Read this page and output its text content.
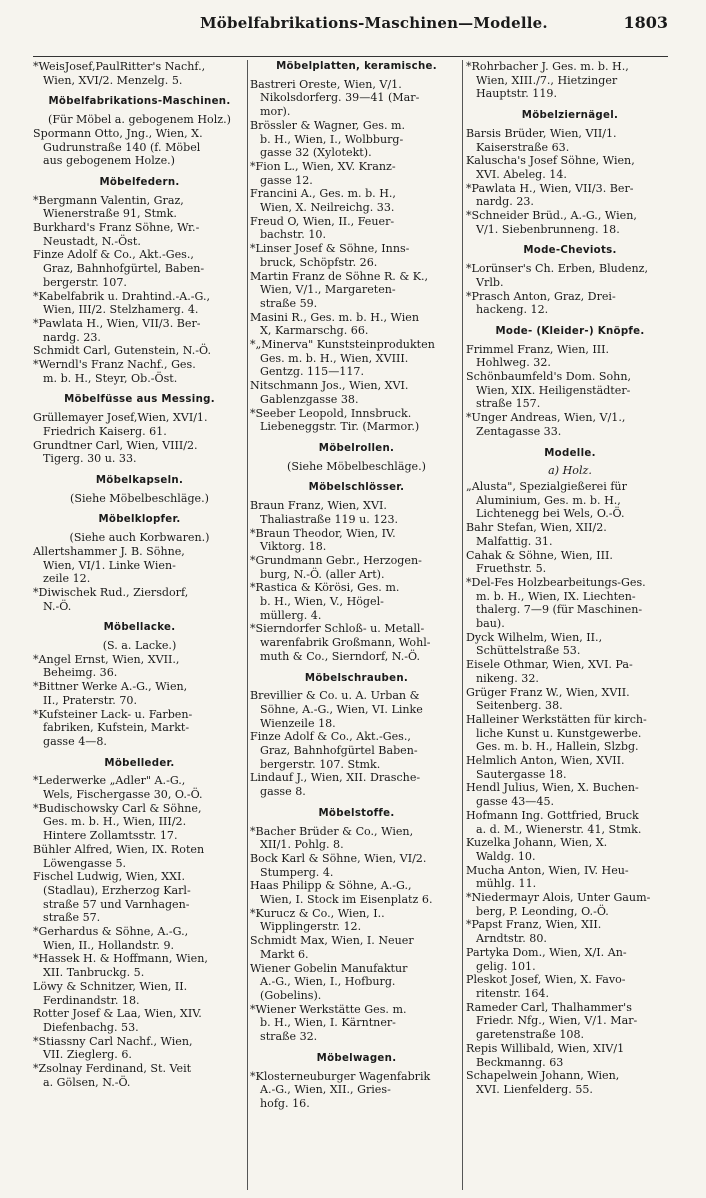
Möbelfabrikations-Maschinen—Modelle.	1803
*WeisJosef,PaulRitter's Nachf.,
Wien, XVI/2. Menzelg. 5.
Möbelfabrikations-Maschinen.
(Für Möbel a. gebogenem Holz.)
Spormann Otto, Jng., Wien, X.
Gudrunstraße 140 (f. Möbel
aus gebogenem Holze.)
Möbelfedern.
*Bergmann Valentin, Graz,
Wienerstraße 91, Stmk.
Burkhard's Franz Söhne, Wr.-
Neustadt, N.-Öst.
Finze Adolf & Co., Akt.-Ges.,
Graz, Bahnhofgürtel, Baben-
bergerstr. 107.
*Kabelfabrik u. Drahtind.-A.-G.,
Wien, III/2. Stelzhamerg. 4.
*Pawlata H., Wien, VII/3. Ber-
nardg. 23.
Schmidt Carl, Gutenstein, N.-Ö.
*Werndl's Franz Nachf., Ges.
m. b. H., Steyr, Ob.-Öst.
Möbelfüsse aus Messing.
Grüllemayer Josef,Wien, XVI/1.
Friedrich Kaiserg. 61.
Grundtner Carl, Wien, VIII/2.
Tigerg. 30 u. 33.
Möbelkapseln.
(Siehe Möbelbeschläge.)
Möbelklopfer.
(Siehe auch Korbwaren.)
Allertshammer J. B. Söhne,
Wien, VI/1. Linke Wien-
zeile 12.
*Diwischek Rud., Ziersdorf,
N.-Ö.
Möbellacke.
(S. a. Lacke.)
*Angel Ernst, Wien, XVII.,
Beheimg. 36.
*Bittner Werke A.-G., Wien,
II., Praterstr. 70.
*Kufsteiner Lack- u. Farben-
fabriken, Kufstein, Markt-
gasse 4—8.
Möbelleder.
*Lederwerke „Adler" A.-G.,
Wels, Fischergasse 30, O.-Ö.
*Budischowsky Carl & Söhne,
Ges. m. b. H., Wien, III/2.
Hintere Zollamtsstr. 17.
Bühler Alfred, Wien, IX. Roten
Löwengasse 5.
Fischel Ludwig, Wien, XXI.
(Stadlau), Erzherzog Karl-
straße 57 und Varnhagen-
straße 57.
*Gerhardus & Söhne, A.-G.,
Wien, II., Hollandstr. 9.
*Hassek H. & Hoffmann, Wien,
XII. Tanbruckg. 5.
Löwy & Schnitzer, Wien, II.
Ferdinandstr. 18.
Rotter Josef & Laa, Wien, XIV.
Diefenbachg. 53.
*Stiassny Carl Nachf., Wien,
VII. Zieglerg. 6.
*Zsolnay Ferdinand, St. Veit
a. Gölsen, N.-Ö.
Möbelplatten, keramische.
Bastreri Oreste, Wien, V/1.
Nikolsdorferg. 39—41 (Mar-
mor).
Brössler & Wagner, Ges. m.
b. H., Wien, I., Wolbburg-
gasse 32 (Xylotekt).
*Fion L., Wien, XV. Kranz-
gasse 12.
Francini A., Ges. m. b. H.,
Wien, X. Neilreichg. 33.
Freud O, Wien, II., Feuer-
bachstr. 10.
*Linser Josef & Söhne, Inns-
bruck, Schöpfstr. 26.
Martin Franz de Söhne R. & K.,
Wien, V/1., Margareten-
straße 59.
Masini R., Ges. m. b. H., Wien
X, Karmarschg. 66.
*„Minerva" Kunststeinprodukten
Ges. m. b. H., Wien, XVIII.
Gentzg. 115—117.
Nitschmann Jos., Wien, XVI.
Gablenzgasse 38.
*Seeber Leopold, Innsbruck.
Liebeneggstr. Tir. (Marmor.)
Möbelrollen.
(Siehe Möbelbeschläge.)
Möbelschlösser.
Braun Franz, Wien, XVI.
Thaliastraße 119 u. 123.
*Braun Theodor, Wien, IV.
Viktorg. 18.
*Grundmann Gebr., Herzogen-
burg, N.-Ö. (aller Art).
*Rastica & Körösi, Ges. m.
b. H., Wien, V., Högel-
müllerg. 4.
*Sierndorfer Schloß- u. Metall-
warenfabrik Großmann, Wohl-
muth & Co., Sierndorf, N.-Ö.
Möbelschrauben.
Brevillier & Co. u. A. Urban &
Söhne, A.-G., Wien, VI. Linke
Wienzeile 18.
Finze Adolf & Co., Akt.-Ges.,
Graz, Bahnhofgürtel Baben-
bergerstr. 107. Stmk.
Lindauf J., Wien, XII. Drasche-
gasse 8.
Möbelstoffe.
*Bacher Brüder & Co., Wien,
XII/1. Pohlg. 8.
Bock Karl & Söhne, Wien, VI/2.
Stumperg. 4.
Haas Philipp & Söhne, A.-G.,
Wien, I. Stock im Eisenplatz 6.
*Kurucz & Co., Wien, I..
Wipplingerstr. 12.
Schmidt Max, Wien, I. Neuer
Markt 6.
Wiener Gobelin Manufaktur
A.-G., Wien, I., Hofburg.
(Gobelins).
*Wiener Werkstätte Ges. m.
b. H., Wien, I. Kärntner-
straße 32.
Möbelwagen.
*Klosterneuburger Wagenfabrik
A.-G., Wien, XII., Gries-
hofg. 16.
*Rohrbacher J. Ges. m. b. H.,
Wien, XIII./7., Hietzinger
Hauptstr. 119.
Möbelziernägel.
Barsis Brüder, Wien, VII/1.
Kaiserstraße 63.
Kaluscha's Josef Söhne, Wien,
XVI. Abeleg. 14.
*Pawlata H., Wien, VII/3. Ber-
nardg. 23.
*Schneider Brüd., A.-G., Wien,
V/1. Siebenbrunneng. 18.
Mode-Cheviots.
*Lorünser's Ch. Erben, Bludenz,
Vrlb.
*Prasch Anton, Graz, Drei-
hackeng. 12.
Mode- (Kleider-) Knöpfe.
Frimmel Franz, Wien, III.
Hohlweg. 32.
Schönbaumfeld's Dom. Sohn,
Wien, XIX. Heiligenstädter-
straße 157.
*Unger Andreas, Wien, V/1.,
Zentagasse 33.
Modelle.
a) Holz.
„Alusta", Spezialgießerei für
Aluminium, Ges. m. b. H.,
Lichtenegg bei Wels, O.-Ö.
Bahr Stefan, Wien, XII/2.
Malfattig. 31.
Cahak & Söhne, Wien, III.
Fruethstr. 5.
*Del-Fes Holzbearbeitungs-Ges.
m. b. H., Wien, IX. Liechten-
thalerg. 7—9 (für Maschinen-
bau).
Dyck Wilhelm, Wien, II.,
Schüttelstraße 53.
Eisele Othmar, Wien, XVI. Pa-
nikeng. 32.
Grüger Franz W., Wien, XVII.
Seitenberg. 38.
Halleiner Werkstätten für kirch-
liche Kunst u. Kunstgewerbe.
Ges. m. b. H., Hallein, Slzbg.
Helmlich Anton, Wien, XVII.
Sautergasse 18.
Hendl Julius, Wien, X. Buchen-
gasse 43—45.
Hofmann Ing. Gottfried, Bruck
a. d. M., Wienerstr. 41, Stmk.
Kuzelka Johann, Wien, X.
Waldg. 10.
Mucha Anton, Wien, IV. Heu-
mühlg. 11.
*Niedermayr Alois, Unter Gaum-
berg, P. Leonding, O.-Ö.
*Papst Franz, Wien, XII.
Arndtstr. 80.
Partyka Dom., Wien, X/I. An-
gelig. 101.
Pleskot Josef, Wien, X. Favo-
ritenstr. 164.
Rameder Carl, Thalhammer's
Friedr. Nfg., Wien, V/1. Mar-
garetenstraße 108.
Repis Willibald, Wien, XIV/1
Beckmanng. 63
Schapelwein Johann, Wien,
XVI. Lienfelderg. 55.
